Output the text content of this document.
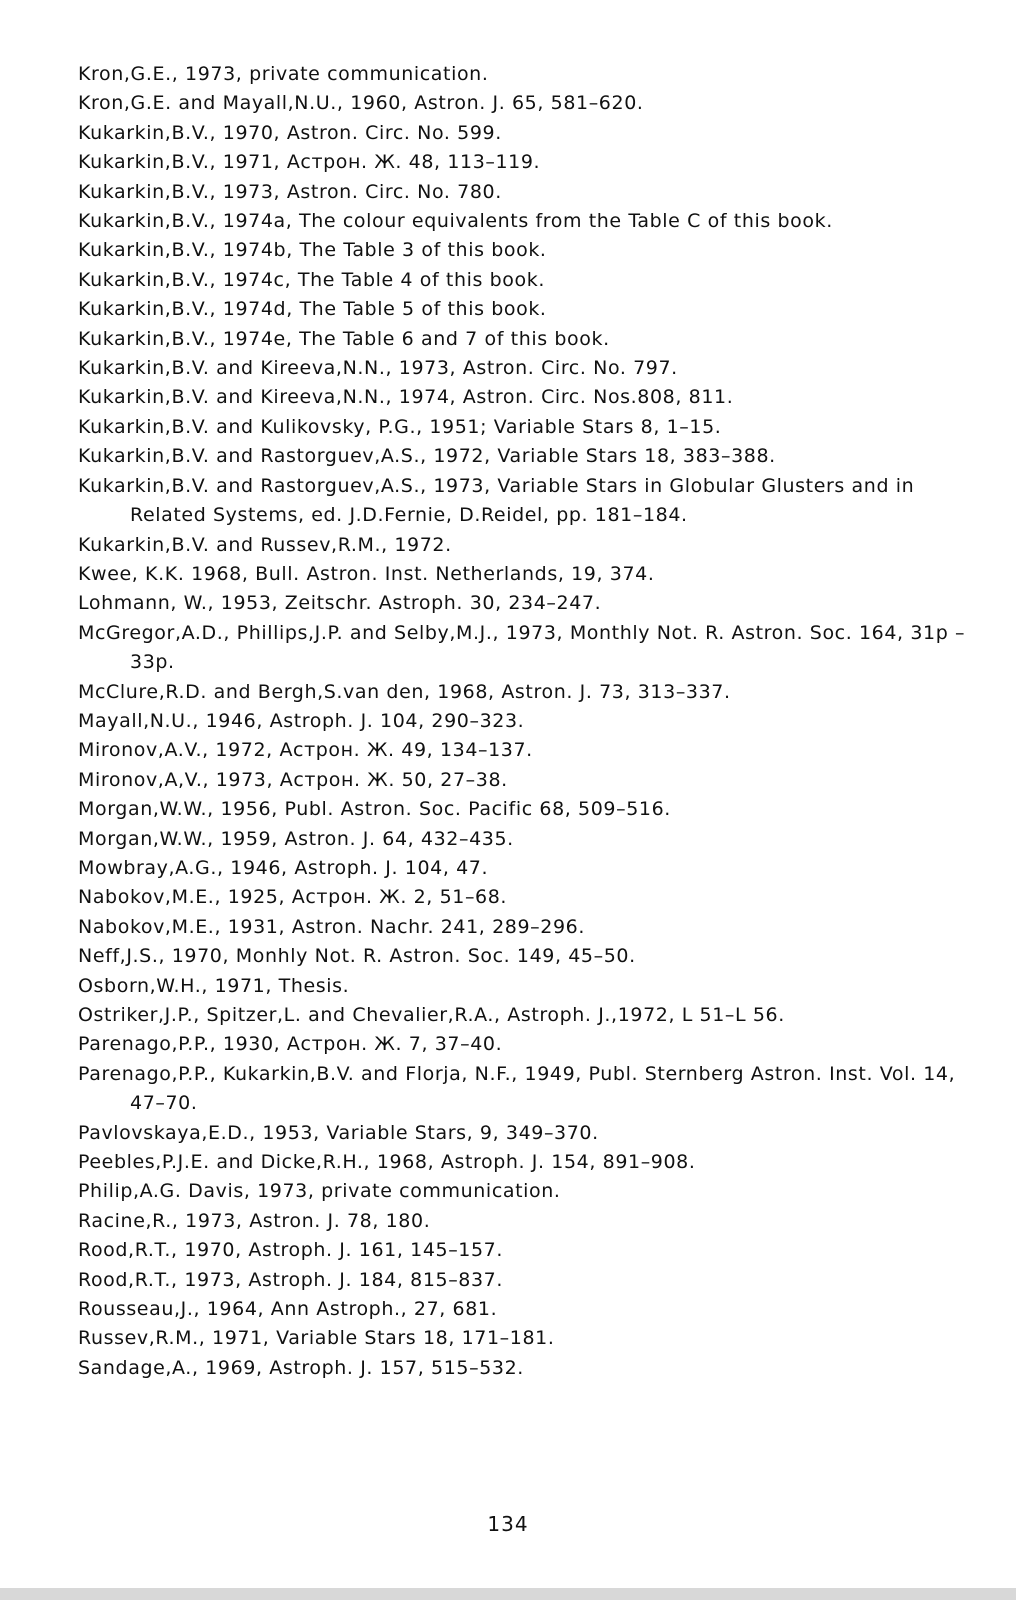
Kron,G.E., 1973, private communication.
Kron,G.E. and Mayall,N.U., 1960, Astron. J. 65, 581–620.
Kukarkin,B.V., 1970, Astron. Circ. No. 599.
Kukarkin,B.V., 1971, Астрон. Ж. 48, 113–119.
Kukarkin,B.V., 1973, Astron. Circ. No. 780.
Kukarkin,B.V., 1974a, The colour equivalents from the Table C of this book.
Kukarkin,B.V., 1974b, The Table 3 of this book.
Kukarkin,B.V., 1974c, The Table 4 of this book.
Kukarkin,B.V., 1974d, The Table 5 of this book.
Kukarkin,B.V., 1974e, The Table 6 and 7 of this book.
Kukarkin,B.V. and Kireeva,N.N., 1973, Astron. Circ. No. 797.
Kukarkin,B.V. and Kireeva,N.N., 1974, Astron. Circ. Nos.808, 811.
Kukarkin,B.V. and Kulikovsky, P.G., 1951; Variable Stars 8, 1–15.
Kukarkin,B.V. and Rastorguev,A.S., 1972, Variable Stars 18, 383–388.
Kukarkin,B.V. and Rastorguev,A.S., 1973, Variable Stars in Globular Glusters and in Related Systems, ed. J.D.Fernie, D.Reidel, pp. 181–184.
Kukarkin,B.V. and Russev,R.M., 1972.
Kwee, K.K. 1968, Bull. Astron. Inst. Netherlands, 19, 374.
Lohmann, W., 1953, Zeitschr. Astroph. 30, 234–247.
McGregor,A.D., Phillips,J.P. and Selby,M.J., 1973, Monthly Not. R. Astron. Soc. 164, 31p – 33p.
McClure,R.D. and Bergh,S.van den, 1968, Astron. J. 73, 313–337.
Mayall,N.U., 1946, Astroph. J. 104, 290–323.
Mironov,A.V., 1972, Астрон. Ж. 49, 134–137.
Mironov,A,V., 1973, Астрон. Ж. 50, 27–38.
Morgan,W.W., 1956, Publ. Astron. Soc. Pacific 68, 509–516.
Morgan,W.W., 1959, Astron. J. 64, 432–435.
Mowbray,A.G., 1946, Astroph. J. 104, 47.
Nabokov,M.E., 1925, Астрон. Ж. 2, 51–68.
Nabokov,M.E., 1931, Astron. Nachr. 241, 289–296.
Neff,J.S., 1970, Monhly Not. R. Astron. Soc. 149, 45–50.
Osborn,W.H., 1971, Thesis.
Ostriker,J.P., Spitzer,L. and Chevalier,R.A., Astroph. J.,1972, L 51–L 56.
Parenago,P.P., 1930, Астрон. Ж. 7, 37–40.
Parenago,P.P., Kukarkin,B.V. and Florja, N.F., 1949, Publ. Sternberg Astron. Inst. Vol. 14, 47–70.
Pavlovskaya,E.D., 1953, Variable Stars, 9, 349–370.
Peebles,P.J.E. and Dicke,R.H., 1968, Astroph. J. 154, 891–908.
Philip,A.G. Davis, 1973, private communication.
Racine,R., 1973, Astron. J. 78, 180.
Rood,R.T., 1970, Astroph. J. 161, 145–157.
Rood,R.T., 1973, Astroph. J. 184, 815–837.
Rousseau,J., 1964, Ann Astroph., 27, 681.
Russev,R.M., 1971, Variable Stars 18, 171–181.
Sandage,A., 1969, Astroph. J. 157, 515–532.
134
